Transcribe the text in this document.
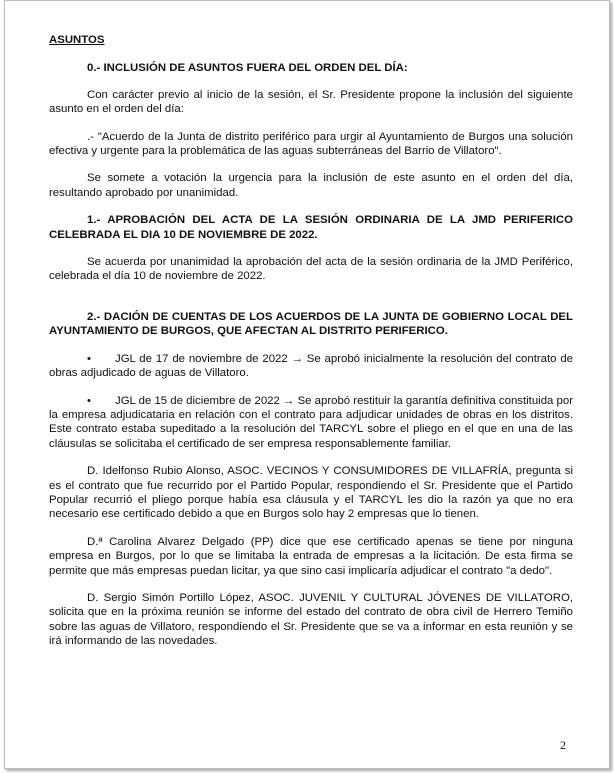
ASUNTOS

0.- INCLUSIÓN DE ASUNTOS FUERA DEL ORDEN DEL DÍA:

Con carácter previo al inicio de la sesión, el Sr. Presidente propone la inclusión del siguiente asunto en el orden del día:

.- "Acuerdo de la Junta de distrito periférico para urgir al Ayuntamiento de Burgos una solución efectiva y urgente para la problemática de las aguas subterráneas del Barrio de Villatoro".

Se somete a votación la urgencia para la inclusión de este asunto en el orden del día, resultando aprobado por unanimidad.

1.- APROBACIÓN DEL ACTA DE LA SESIÓN ORDINARIA DE LA JMD PERIFERICO CELEBRADA EL DIA 10 DE NOVIEMBRE DE 2022.

Se acuerda por unanimidad la aprobación del acta de la sesión ordinaria de la JMD Periférico, celebrada el día 10 de noviembre de 2022.

2.- DACIÓN DE CUENTAS DE LOS ACUERDOS DE LA JUNTA DE GOBIERNO LOCAL DEL AYUNTAMIENTO DE BURGOS, QUE AFECTAN AL DISTRITO PERIFERICO.

• JGL de 17 de noviembre de 2022 → Se aprobó inicialmente la resolución del contrato de obras adjudicado de aguas de Villatoro.

• JGL de 15 de diciembre de 2022 → Se aprobó restituir la garantía definitiva constituida por la empresa adjudicataria en relación con el contrato para adjudicar unidades de obras en los distritos. Este contrato estaba supeditado a la resolución del TARCYL sobre el pliego en el que en una de las cláusulas se solicitaba el certificado de ser empresa responsablemente familiar.

D. Idelfonso Rubio Alonso, ASOC. VECINOS Y CONSUMIDORES DE VILLAFRÍA, pregunta si es el contrato que fue recurrido por el Partido Popular, respondiendo el Sr. Presidente que el Partido Popular recurrió el pliego porque había esa cláusula y el TARCYL les dio la razón ya que no era necesario ese certificado debido a que en Burgos solo hay 2 empresas que lo tienen.

D.ª Carolina Alvarez Delgado (PP) dice que ese certificado apenas se tiene por ninguna empresa en Burgos, por lo que se limitaba la entrada de empresas a la licitación. De esta firma se permite que más empresas puedan licitar, ya que sino casi implicaría adjudicar el contrato "a dedo".

D. Sergio Simón Portillo López, ASOC. JUVENIL Y CULTURAL JÓVENES DE VILLATORO, solicita que en la próxima reunión se informe del estado del contrato de obra civil de Herrero Temiño sobre las aguas de Villatoro, respondiendo el Sr. Presidente que se va a informar en esta reunión y se irá informando de las novedades.

2
